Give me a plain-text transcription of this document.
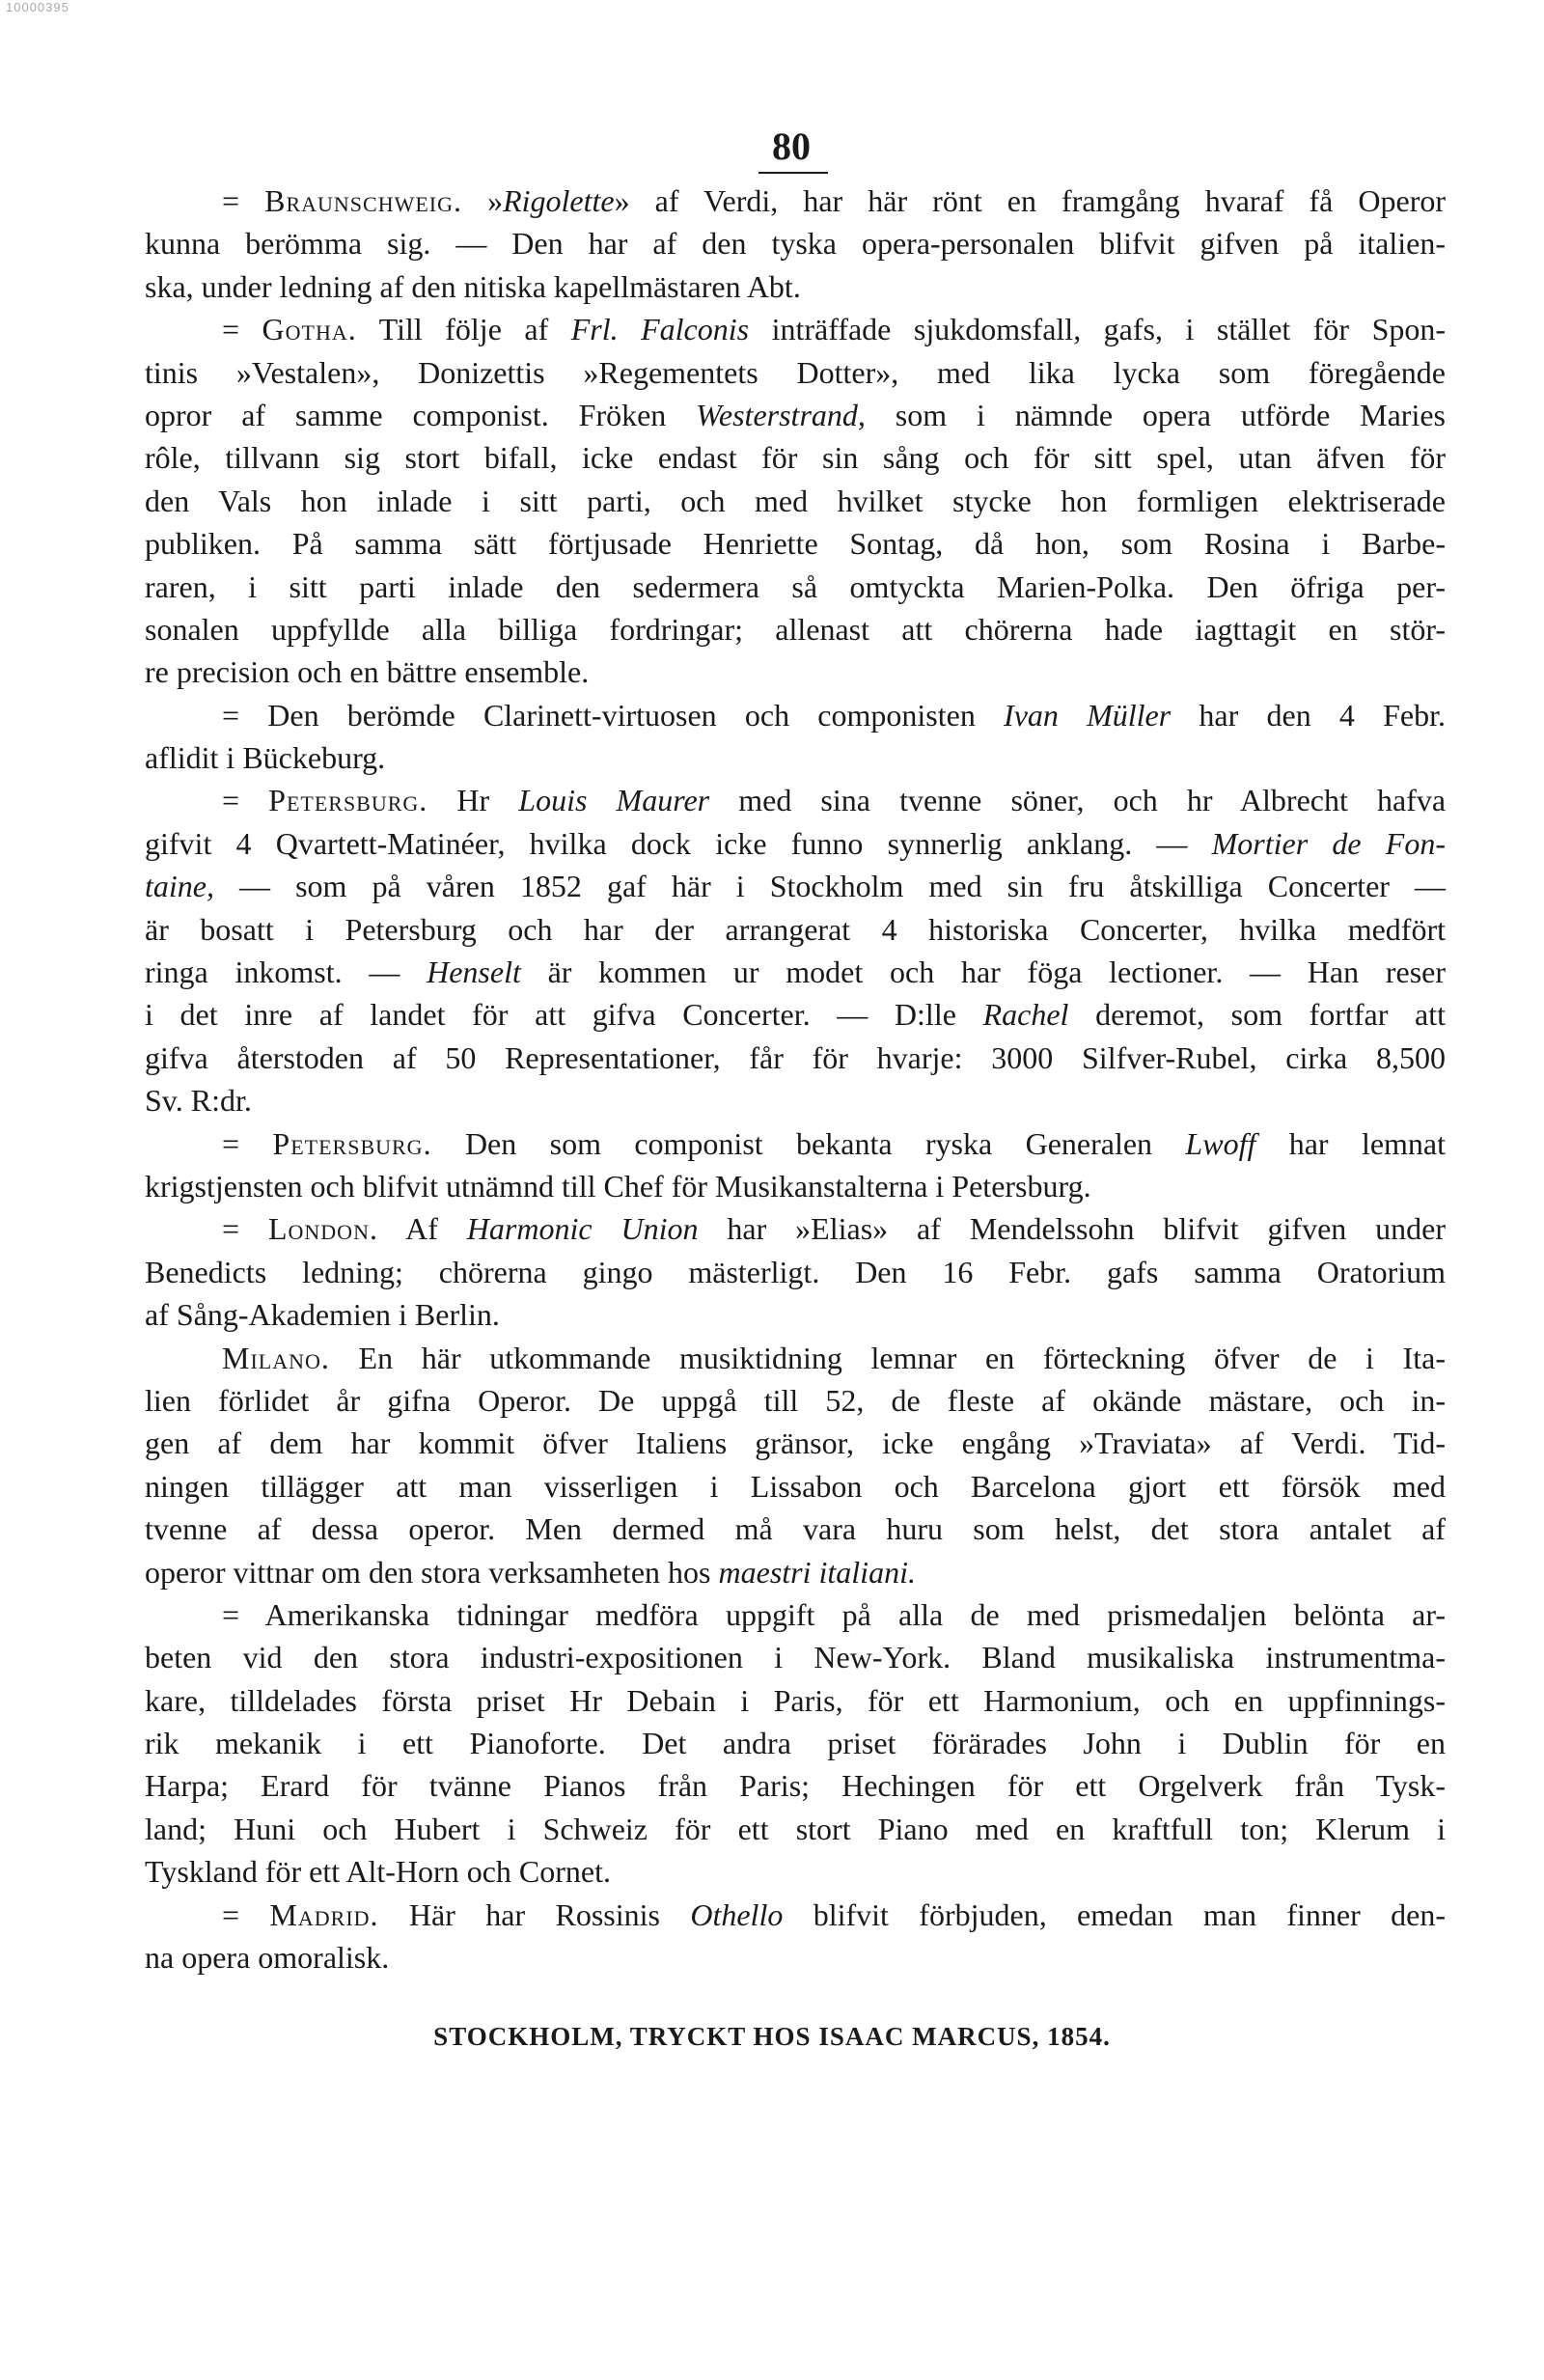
10000395
80
= Braunschweig. »Rigolette» af Verdi, har här rönt en framgång hvaraf få Operor
kunna berömma sig. — Den har af den tyska opera-personalen blifvit gifven på italien-
ska, under ledning af den nitiska kapellmästaren Abt.
= Gotha. Till följe af Frl. Falconis inträffade sjukdomsfall, gafs, i stället för Spon-
tinis »Vestalen», Donizettis »Regementets Dotter», med lika lycka som föregående
opror af samme componist. Fröken Westerstrand, som i nämnde opera utförde Maries
rôle, tillvann sig stort bifall, icke endast för sin sång och för sitt spel, utan äfven för
den Vals hon inlade i sitt parti, och med hvilket stycke hon formligen elektriserade
publiken. På samma sätt förtjusade Henriette Sontag, då hon, som Rosina i Barbe-
raren, i sitt parti inlade den sedermera så omtyckta Marien-Polka. Den öfriga per-
sonalen uppfyllde alla billiga fordringar; allenast att chörerna hade iagttagit en stör-
re precision och en bättre ensemble.
= Den berömde Clarinett-virtuosen och componisten Ivan Müller har den 4 Febr.
aflidit i Bückeburg.
= Petersburg. Hr Louis Maurer med sina tvenne söner, och hr Albrecht hafva
gifvit 4 Qvartett-Matinéer, hvilka dock icke funno synnerlig anklang. — Mortier de Fon-
taine, — som på våren 1852 gaf här i Stockholm med sin fru åtskilliga Concerter —
är bosatt i Petersburg och har der arrangerat 4 historiska Concerter, hvilka medfört
ringa inkomst. — Henselt är kommen ur modet och har föga lectioner. — Han reser
i det inre af landet för att gifva Concerter. — D:lle Rachel deremot, som fortfar att
gifva återstoden af 50 Representationer, får för hvarje: 3000 Silfver-Rubel, cirka 8,500
Sv. R:dr.
= Petersburg. Den som componist bekanta ryska Generalen Lwoff har lemnat
krigstjensten och blifvit utnämnd till Chef för Musikanstalterna i Petersburg.
= London. Af Harmonic Union har »Elias» af Mendelssohn blifvit gifven under
Benedicts ledning; chörerna gingo mästerligt. Den 16 Febr. gafs samma Oratorium
af Sång-Akademien i Berlin.
Milano. En här utkommande musiktidning lemnar en förteckning öfver de i Ita-
lien förlidet år gifna Operor. De uppgå till 52, de fleste af okände mästare, och in-
gen af dem har kommit öfver Italiens gränsor, icke engång »Traviata» af Verdi. Tid-
ningen tillägger att man visserligen i Lissabon och Barcelona gjort ett försök med
tvenne af dessa operor. Men dermed må vara huru som helst, det stora antalet af
operor vittnar om den stora verksamheten hos maestri italiani.
= Amerikanska tidningar medföra uppgift på alla de med prismedaljen belönta ar-
beten vid den stora industri-expositionen i New-York. Bland musikaliska instrumentma-
kare, tilldelades första priset Hr Debain i Paris, för ett Harmonium, och en uppfinnings-
rik mekanik i ett Pianoforte. Det andra priset förärades John i Dublin för en
Harpa; Erard för tvänne Pianos från Paris; Hechingen för ett Orgelverk från Tysk-
land; Huni och Hubert i Schweiz för ett stort Piano med en kraftfull ton; Klerum i
Tyskland för ett Alt-Horn och Cornet.
= Madrid. Här har Rossinis Othello blifvit förbjuden, emedan man finner den-
na opera omoralisk.
STOCKHOLM, TRYCKT HOS ISAAC MARCUS, 1854.
